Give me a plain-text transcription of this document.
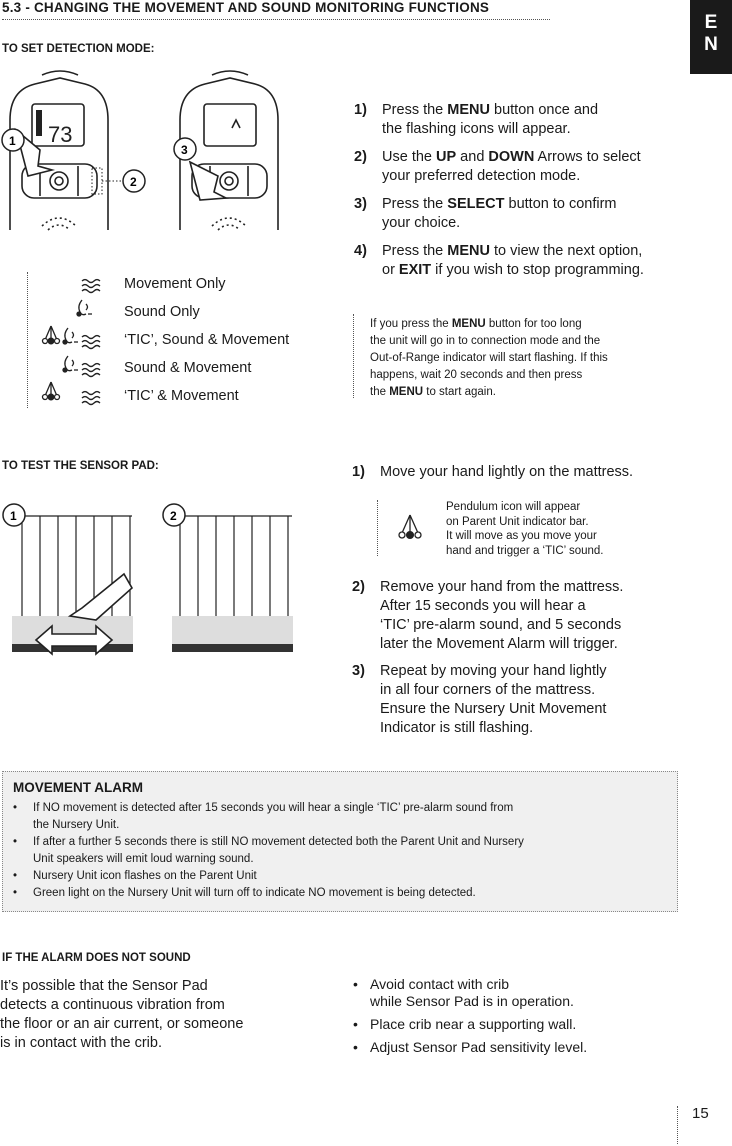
5.3 - CHANGING THE MOVEMENT AND SOUND MONITORING FUNCTIONS
E
N
TO SET DETECTION MODE:
73
1
2
3
1) Press the MENU button once and
the flashing icons will appear.
2) Use the UP and DOWN Arrows to select
your preferred detection mode.
3) Press the SELECT button to confirm
your choice.
4) Press the MENU to view the next option,
or EXIT if you wish to stop programming.
Movement Only
Sound Only
‘TIC’, Sound & Movement
Sound & Movement
‘TIC’ & Movement
If you press the MENU button for too long
the unit will go in to connection mode and the
Out-of-Range indicator will start flashing. If this
happens, wait 20 seconds and then press
the MENU to start again.
TO TEST THE SENSOR PAD:
1	2
1) Move your hand lightly on the mattress.
Pendulum icon will appear
on Parent Unit indicator bar.
It will move as you move your
hand and trigger a ‘TIC’ sound.
2) Remove your hand from the mattress.
After 15 seconds you will hear a
‘TIC’ pre-alarm sound, and 5 seconds
later the Movement Alarm will trigger.
3) Repeat by moving your hand lightly
in all four corners of the mattress.
Ensure the Nursery Unit Movement
Indicator is still flashing.
MOVEMENT ALARM
• If NO movement is detected after 15 seconds you will hear a single ‘TIC’ pre-alarm sound from
the Nursery Unit.
• If after a further 5 seconds there is still NO movement detected both the Parent Unit and Nursery
Unit speakers will emit loud warning sound.
• Nursery Unit icon flashes on the Parent Unit
• Green light on the Nursery Unit will turn off to indicate NO movement is being detected.
IF THE ALARM DOES NOT SOUND
It’s possible that the Sensor Pad
detects a continuous vibration from
the floor or an air current, or someone
is in contact with the crib.
• Avoid contact with crib
while Sensor Pad is in operation.
• Place crib near a supporting wall.
• Adjust Sensor Pad sensitivity level.
15
